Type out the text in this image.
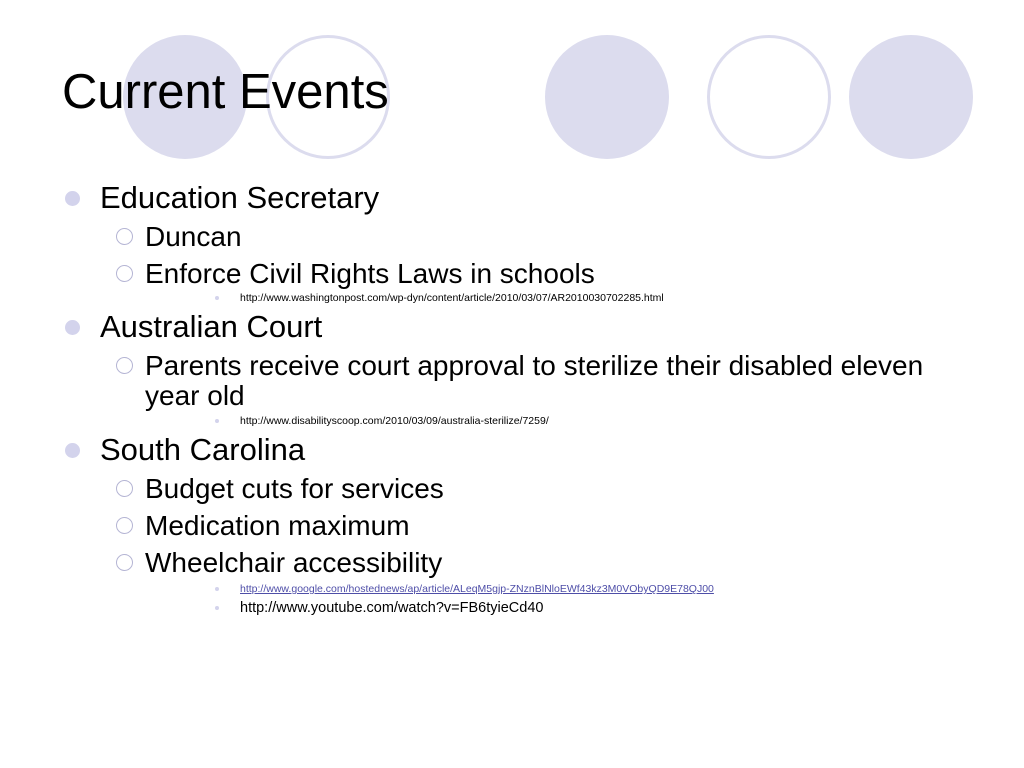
Current Events

Education Secretary

Duncan

Enforce Civil Rights Laws in schools

http://www.washingtonpost.com/wp-dyn/content/article/2010/03/07/AR2010030702285.html

Australian Court

Parents receive court approval to sterilize their disabled eleven year old

http://www.disabilityscoop.com/2010/03/09/australia-sterilize/7259/

South Carolina

Budget cuts for services

Medication maximum

Wheelchair accessibility

http://www.google.com/hostednews/ap/article/ALeqM5gjp-ZNznBlNloEWf43kz3M0VObyQD9E78QJ00

http://www.youtube.com/watch?v=FB6tyieCd40
